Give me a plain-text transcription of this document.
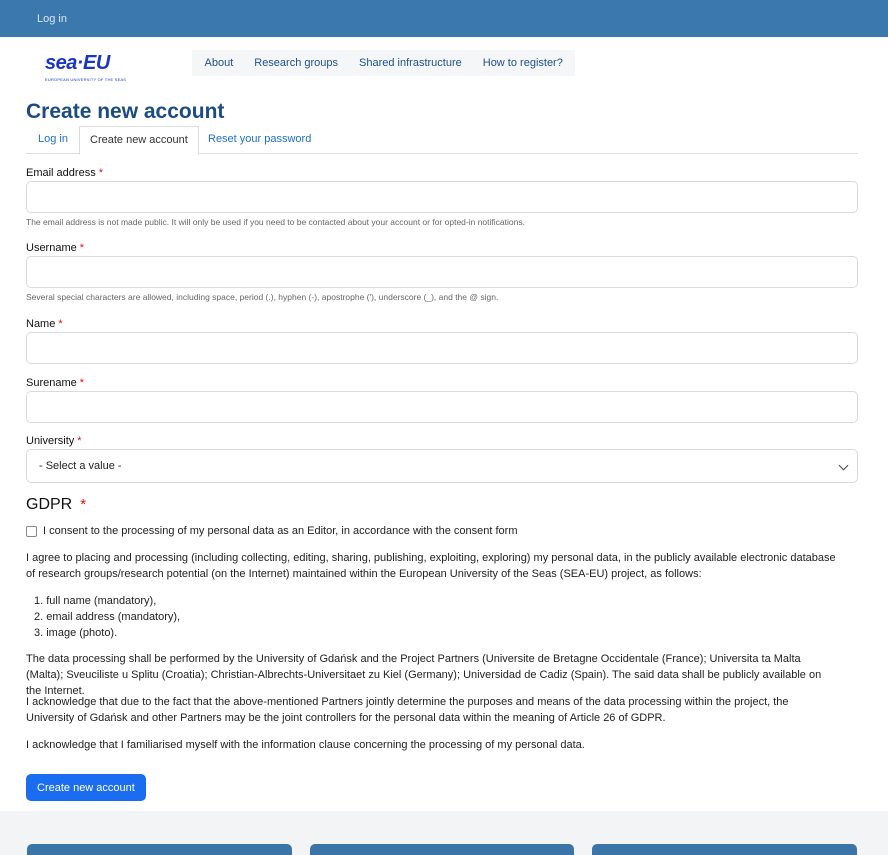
Log in
sea·EU
EUROPEAN UNIVERSITY OF THE SEAS
About	Research groups	Shared infrastructure	How to register?
Create new account
Log in	Create new account	Reset your password
Email address *
The email address is not made public. It will only be used if you need to be contacted about your account or for opted-in notifications.
Username *
Several special characters are allowed, including space, period (.), hyphen (-), apostrophe ('), underscore (_), and the @ sign.
Name *
Surename *
University *
- Select a value -
GDPR *
I consent to the processing of my personal data as an Editor, in accordance with the consent form
I agree to placing and processing (including collecting, editing, sharing, publishing, exploiting, exploring) my personal data, in the publicly available electronic database of research groups/research potential (on the Internet) maintained within the European University of the Seas (SEA-EU) project, as follows:
1. full name (mandatory),
2. email address (mandatory),
3. image (photo).
The data processing shall be performed by the University of Gdańsk and the Project Partners (Universite de Bretagne Occidentale (France); Universita ta Malta (Malta); Sveuciliste u Splitu (Croatia); Christian-Albrechts-Universitaet zu Kiel (Germany); Universidad de Cadiz (Spain). The said data shall be publicly available on the Internet.
I acknowledge that due to the fact that the above-mentioned Partners jointly determine the purposes and means of the data processing within the project, the University of Gdańsk and other Partners may be the joint controllers for the personal data within the meaning of Article 26 of GDPR.
I acknowledge that I familiarised myself with the information clause concerning the processing of my personal data.
Create new account
